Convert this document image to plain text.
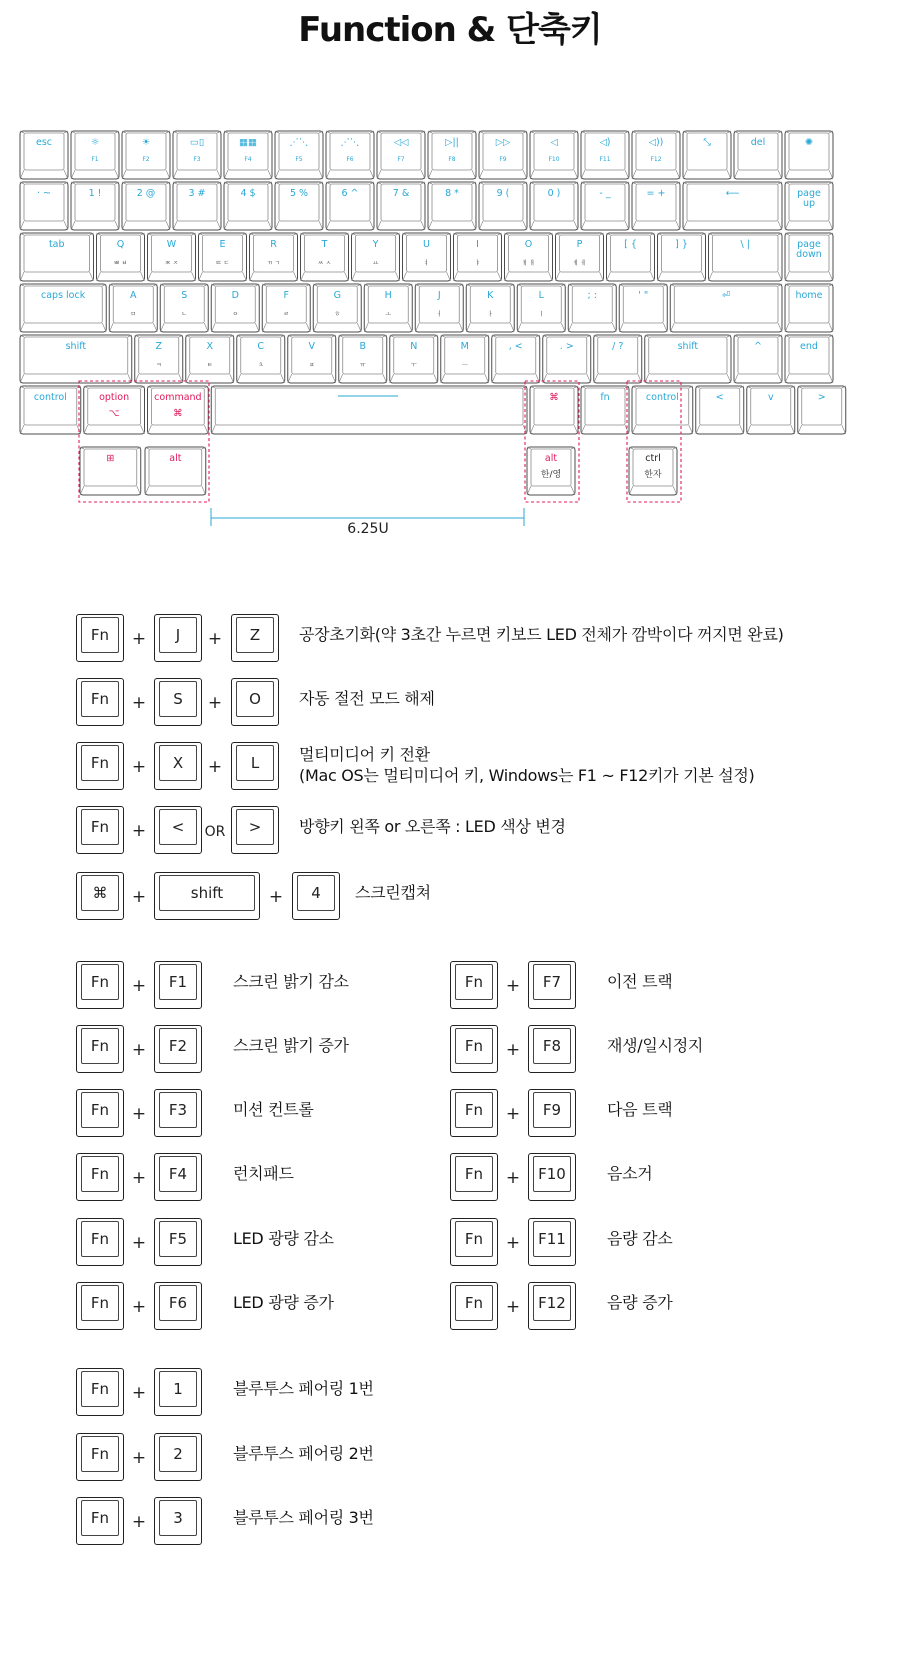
Function & 단축키
esc	☼
F1
☀
F2
▭▯
F3
▦▦
F4
⋰⋱
F5
⋰⋱
F6
◁◁
F7
▷||
F8
▷▷
F9
◁
F10
◁)
F11
◁))
F12
⤡	del	✺
· ~	1 !	2 @	3 #	4 $	5 %	6 ^	7 &	8 *	9 (	0 )	- _	= +	⟵	page
up
tab	Q
ㅃ ㅂ
W
ㅉ ㅈ
E
ㄸ ㄷ
R
ㄲ ㄱ
T
ㅆ ㅅ
Y
ㅛ
U
ㅕ
I
ㅑ
O
ㅒ ㅐ
P
ㅖ ㅔ
[ {	] }	\ |	page
down
caps lock	A
ㅁ
S
ㄴ
D
ㅇ
F
ㄹ
G
ㅎ
H
ㅗ
J
ㅓ
K
ㅏ
L
ㅣ
; :	' "	⏎	home
shift	Z
ㅋ
X
ㅌ
C
ㅊ
V
ㅍ
B
ㅠ
N
ㅜ
M
ㅡ
, <	. >	/ ?	shift	^	end
control	option
⌥
command
⌘
⌘	fn	control	<	v	>
⊞	alt	alt
한/영
ctrl
한자
6.25U
Fn	+	J	+	Z	공장초기화(약 3초간 누르면 키보드 LED 전체가 깜박이다 꺼지면 완료)
Fn	+	S	+	O	자동 절전 모드 해제
Fn	+	X	+	L	멀티미디어 키 전환
(Mac OS는 멀티미디어 키, Windows는 F1 ~ F12키가 기본 설정)
Fn	+	<	OR	>	방향키 왼쪽 or 오른쪽 : LED 색상 변경
⌘	+	shift	+	4	스크린캡쳐
Fn	+	F1	스크린 밝기 감소
Fn	+	F2	스크린 밝기 증가
Fn	+	F3	미션 컨트롤
Fn	+	F4	런치패드
Fn	+	F5	LED 광량 감소
Fn	+	F6	LED 광량 증가
Fn	+	F7	이전 트랙
Fn	+	F8	재생/일시정지
Fn	+	F9	다음 트랙
Fn	+	F10	음소거
Fn	+	F11	음량 감소
Fn	+	F12	음량 증가
Fn	+	1	블루투스 페어링 1번
Fn	+	2	블루투스 페어링 2번
Fn	+	3	블루투스 페어링 3번
